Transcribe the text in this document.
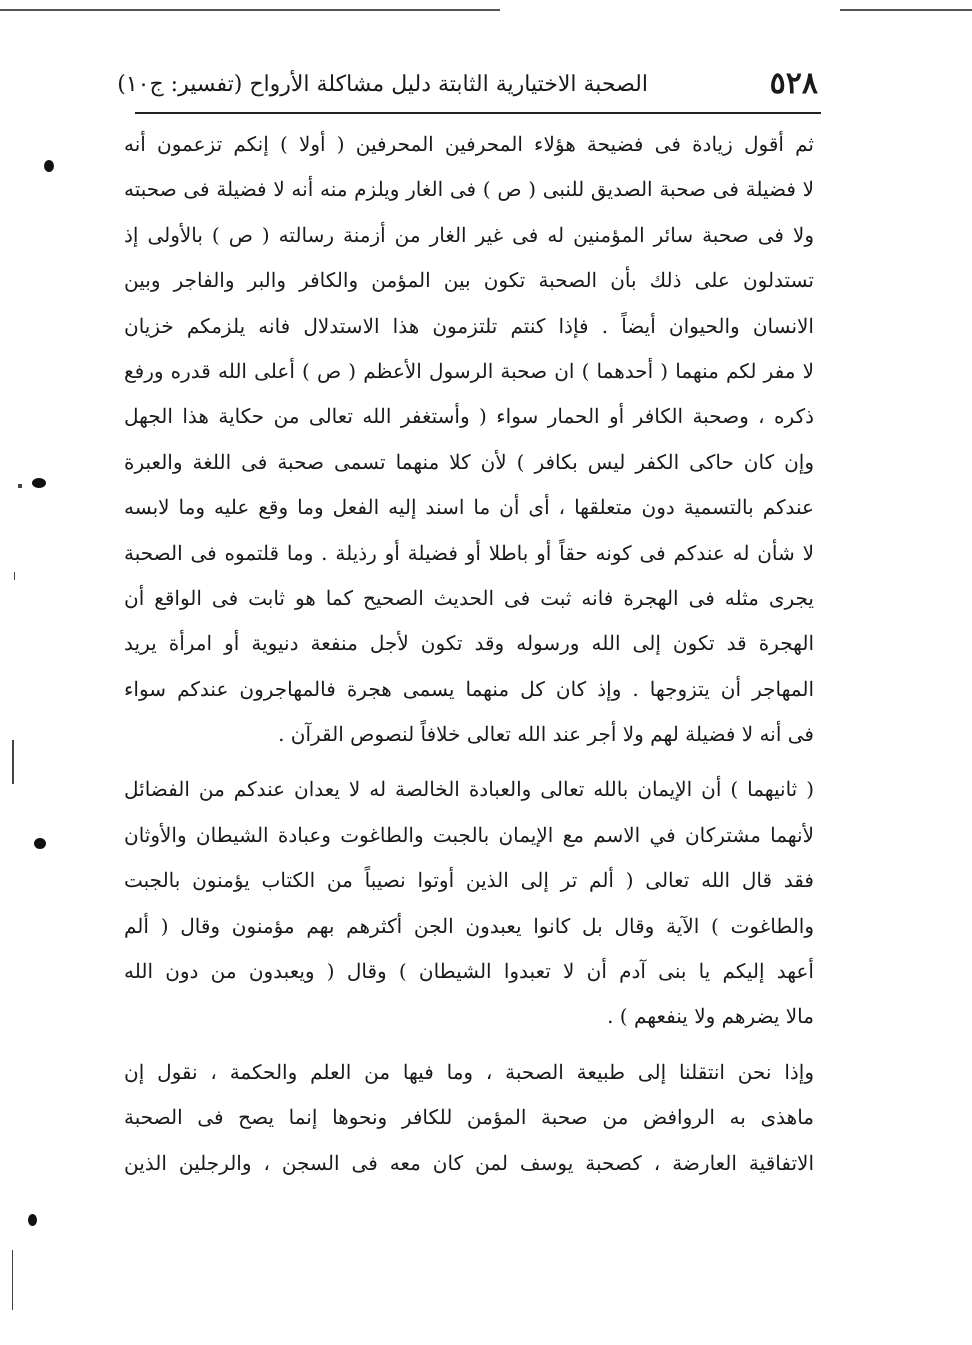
٥٢٨
الصحبة الاختيارية الثابتة دليل مشاكلة الأرواح (تفسير: ج١٠)
ثم أقول زيادة فى فضيحة هؤلاء المحرفين المحرفين ( أولا ) إنكم تزعمون أنه
لا فضيلة فى صحبة الصديق للنبى ( ص ) فى الغار ويلزم منه أنه لا فضيلة فى صحبته
ولا فى صحبة سائر المؤمنين له فى غير الغار من أزمنة رسالته ( ص ) بالأولى إذ
تستدلون على ذلك بأن الصحبة تكون بين المؤمن والكافر والبر والفاجر وبين
الانسان والحيوان أيضاً . فإذا كنتم تلتزمون هذا الاستدلال فانه يلزمكم خزيان
لا مفر لكم منهما ( أحدهما ) ان صحبة الرسول الأعظم ( ص ) أعلى الله قدره ورفع
ذكره ، وصحبة الكافر أو الحمار سواء ( وأستغفر الله تعالى من حكاية هذا الجهل
وإن كان حاكى الكفر ليس بكافر ) لأن كلا منهما تسمى صحبة فى اللغة والعبرة
عندكم بالتسمية دون متعلقها ، أى أن ما اسند إليه الفعل وما وقع عليه وما لابسه
لا شأن له عندكم فى كونه حقاً أو باطلا أو فضيلة أو رذيلة . وما قلتموه فى الصحبة
يجرى مثله فى الهجرة فانه ثبت فى الحديث الصحيح كما هو ثابت فى الواقع أن
الهجرة قد تكون إلى الله ورسوله وقد تكون لأجل منفعة دنيوية أو امرأة يريد
المهاجر أن يتزوجها . وإذ كان كل منهما يسمى هجرة فالمهاجرون عندكم سواء
فى أنه لا فضيلة لهم ولا أجر عند الله تعالى خلافاً لنصوص القرآن .
( ثانيهما ) أن الإيمان بالله تعالى والعبادة الخالصة له لا يعدان عندكم من الفضائل
لأنهما مشتركان في الاسم مع الإيمان بالجبت والطاغوت وعبادة الشيطان والأوثان
فقد قال الله تعالى ( ألم تر إلى الذين أوتوا نصيباً من الكتاب يؤمنون بالجبت
والطاغوت ) الآية وقال بل كانوا يعبدون الجن أكثرهم بهم مؤمنون وقال ( ألم
أعهد إليكم يا بنى آدم أن لا تعبدوا الشيطان ) وقال ( ويعبدون من دون الله
مالا يضرهم ولا ينفعهم ) .
وإذا نحن انتقلنا إلى طبيعة الصحبة ، وما فيها من العلم والحكمة ، نقول إن
ماهذى به الروافض من صحبة المؤمن للكافر ونحوها إنما يصح فى الصحبة
الاتفاقية العارضة ، كصحبة يوسف لمن كان معه فى السجن ، والرجلين الذين
